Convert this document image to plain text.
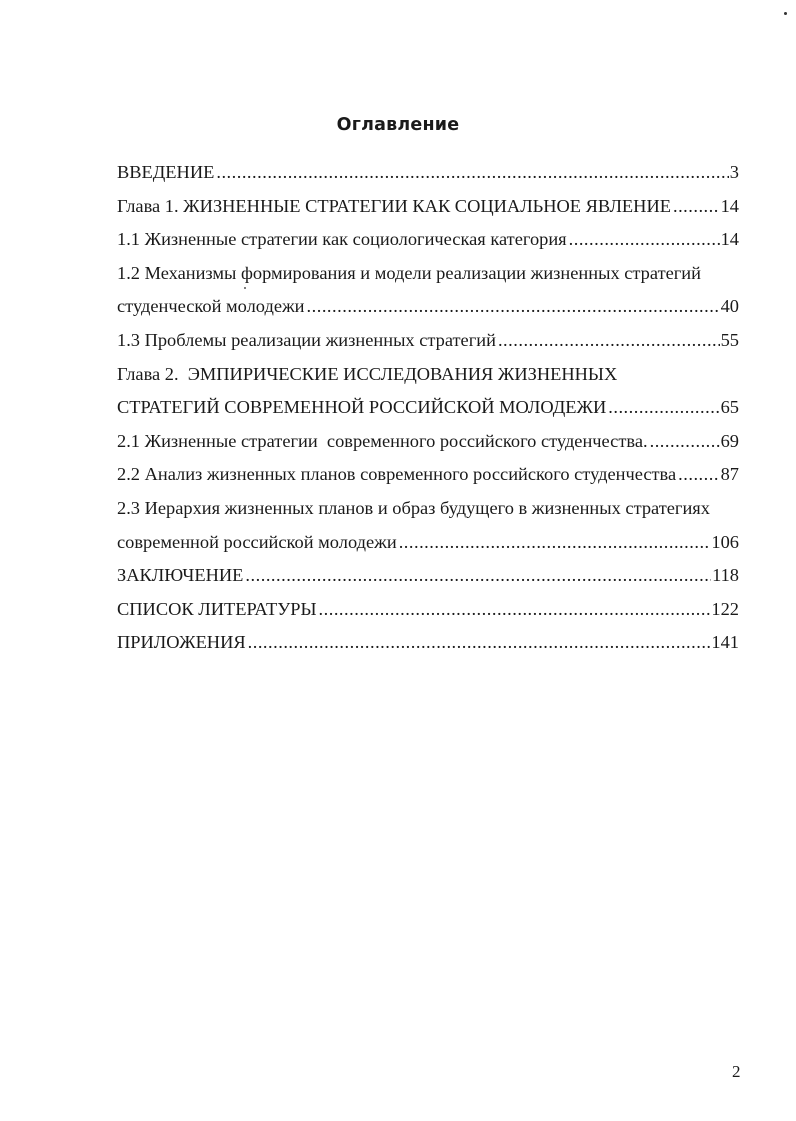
Оглавление
ВВЕДЕНИЕ .....	3
Глава 1. ЖИЗНЕННЫЕ СТРАТЕГИИ КАК СОЦИАЛЬНОЕ ЯВЛЕНИЕ .....	14
1.1 Жизненные стратегии как социологическая категория .....	14
1.2 Механизмы формирования и модели реализации жизненных стратегий
студенческой молодежи .....	40
1.3 Проблемы реализации жизненных стратегий .....	55
Глава 2.  ЭМПИРИЧЕСКИЕ ИССЛЕДОВАНИЯ ЖИЗНЕННЫХ
СТРАТЕГИЙ СОВРЕМЕННОЙ РОССИЙСКОЙ МОЛОДЕЖИ .....	65
2.1 Жизненные стратегии  современного российского студенчества. .....	69
2.2 Анализ жизненных планов современного российского студенчества ..... 87
2.3 Иерархия жизненных планов и образ будущего в жизненных стратегиях
современной российской молодежи .....	106
ЗАКЛЮЧЕНИЕ .....	118
СПИСОК ЛИТЕРАТУРЫ .....	122
ПРИЛОЖЕНИЯ .....	141
2
